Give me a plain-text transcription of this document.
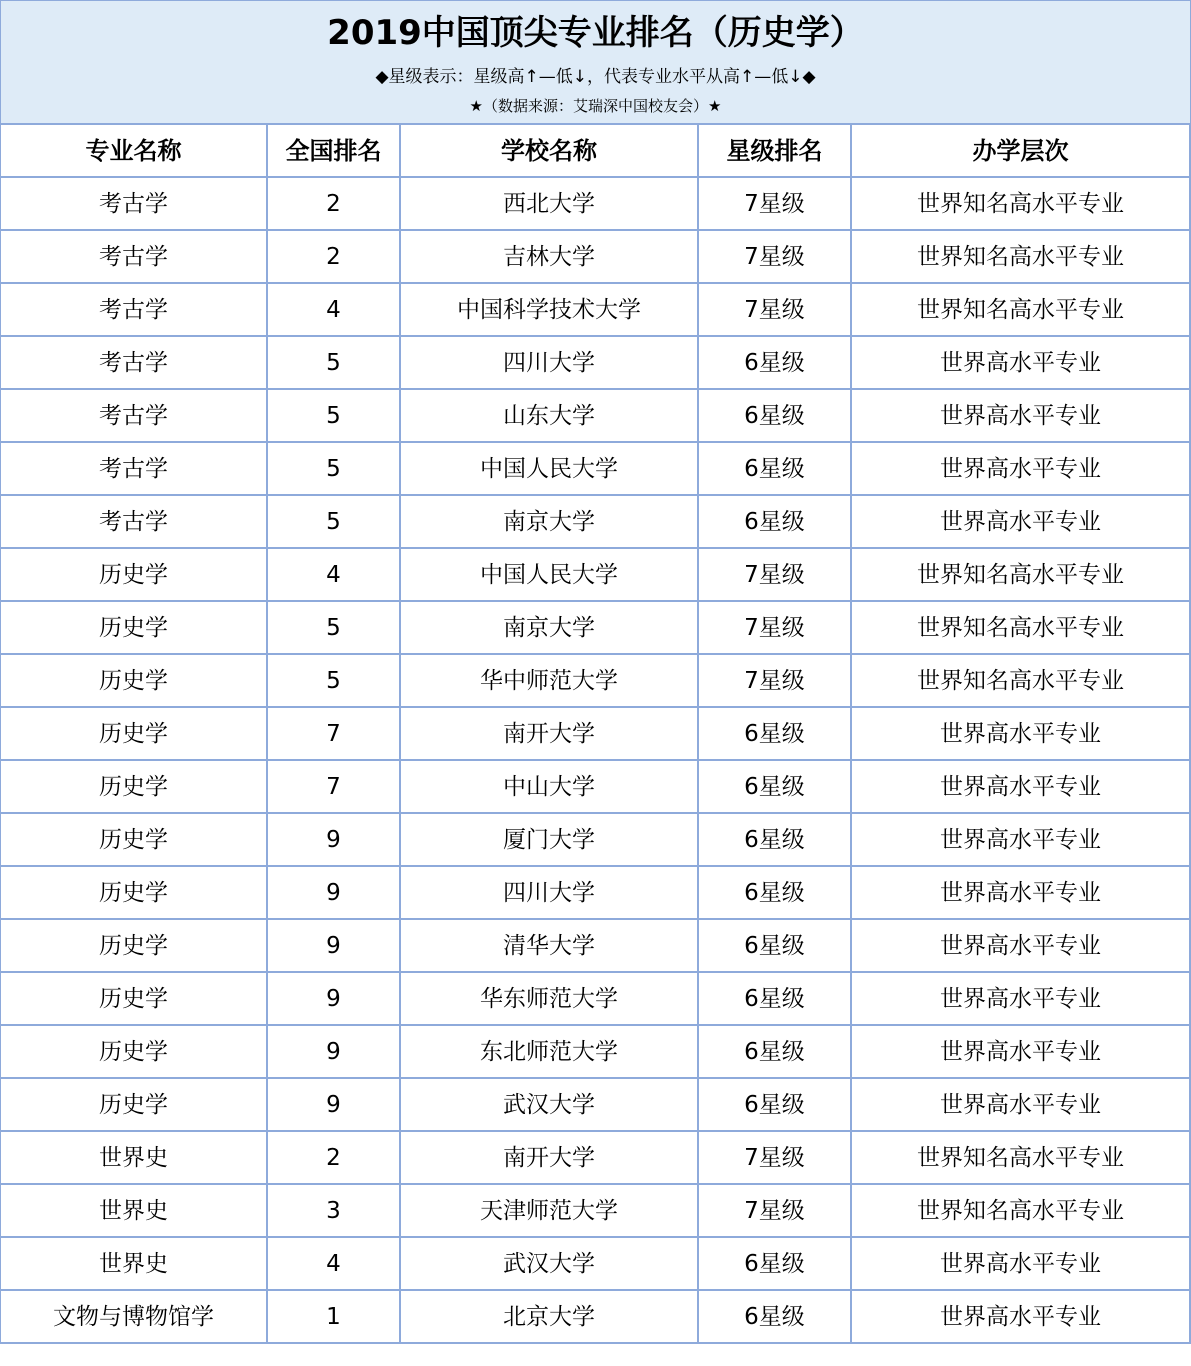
2019中国顶尖专业排名（历史学）
◆星级表示：星级高↑—低↓，代表专业水平从高↑—低↓◆
★（数据来源：艾瑞深中国校友会）★
专业名称	全国排名	学校名称	星级排名	办学层次
考古学	2	西北大学	7星级	世界知名高水平专业
考古学	2	吉林大学	7星级	世界知名高水平专业
考古学	4	中国科学技术大学	7星级	世界知名高水平专业
考古学	5	四川大学	6星级	世界高水平专业
考古学	5	山东大学	6星级	世界高水平专业
考古学	5	中国人民大学	6星级	世界高水平专业
考古学	5	南京大学	6星级	世界高水平专业
历史学	4	中国人民大学	7星级	世界知名高水平专业
历史学	5	南京大学	7星级	世界知名高水平专业
历史学	5	华中师范大学	7星级	世界知名高水平专业
历史学	7	南开大学	6星级	世界高水平专业
历史学	7	中山大学	6星级	世界高水平专业
历史学	9	厦门大学	6星级	世界高水平专业
历史学	9	四川大学	6星级	世界高水平专业
历史学	9	清华大学	6星级	世界高水平专业
历史学	9	华东师范大学	6星级	世界高水平专业
历史学	9	东北师范大学	6星级	世界高水平专业
历史学	9	武汉大学	6星级	世界高水平专业
世界史	2	南开大学	7星级	世界知名高水平专业
世界史	3	天津师范大学	7星级	世界知名高水平专业
世界史	4	武汉大学	6星级	世界高水平专业
文物与博物馆学	1	北京大学	6星级	世界高水平专业
